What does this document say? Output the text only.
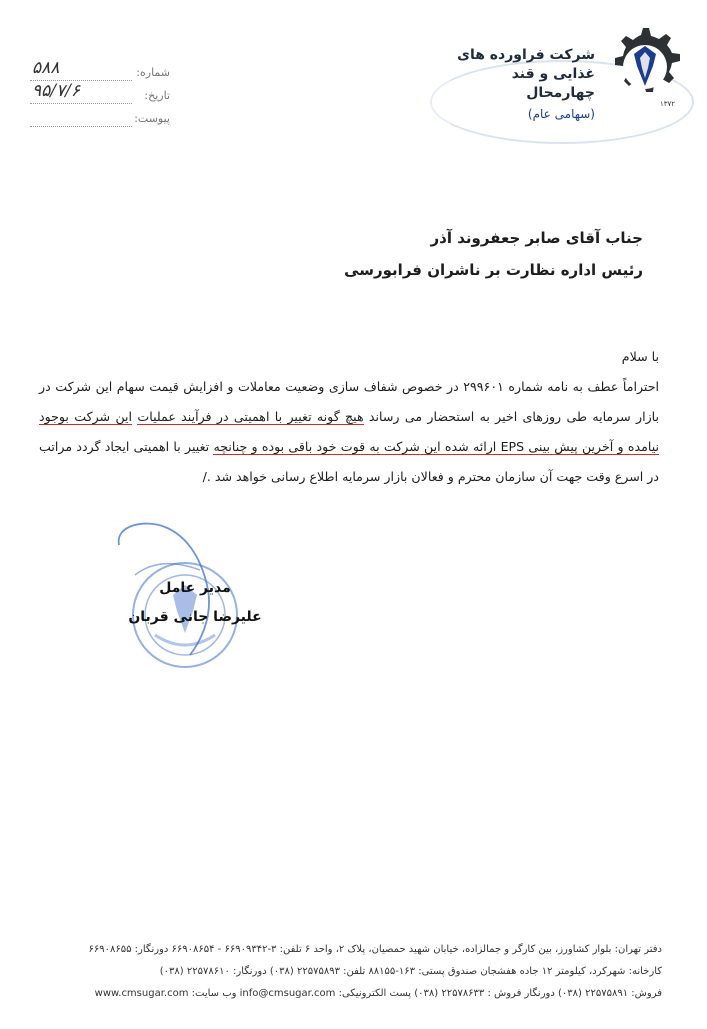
۱۳۷۲
شرکت فراورده های
غذایی و قند
چهارمحال
(سهامی عام)
۵۸۸	شماره:
۹۵/۷/۶	تاریخ:
پیوست:
جناب آقای صابر جعفروند آذر
رئیس اداره نظارت بر ناشران فرابورسی

با سلام

احتراماً عطف به نامه شماره ۲۹۹۶۰۱ در خصوص شفاف سازی وضعیت معاملات و افزایش قیمت سهام این شرکت در بازار سرمایه طی روزهای اخیر به استحضار می رساند هیچ گونه تغییر با اهمیتی در فرآیند عملیات این شرکت بوجود نیامده و آخرین پیش بینی EPS ارائه شده این شرکت به قوت خود باقی بوده و چنانچه تغییر با اهمیتی ایجاد گردد مراتب در اسرع وقت جهت آن سازمان محترم و فعالان بازار سرمایه اطلاع رسانی خواهد شد ./

مدیر عامل
علیرضا جانی قربان
دفتر تهران: بلوار کشاورز، بین کارگر و جمالزاده، خیابان شهید حمصیان، پلاک ۲، واحد ۶ تلفن: ۳-۶۶۹۰۹۳۴۲ - ۶۶۹۰۸۶۵۴ دورنگار: ۶۶۹۰۸۶۵۵
کارخانه: شهرکرد، کیلومتر ۱۲ جاده هفشجان صندوق پستی: ۱۶۳-۸۸۱۵۵ تلفن: ۲۲۵۷۵۸۹۳ (۰۳۸) دورنگار: ۲۲۵۷۸۶۱۰ (۰۳۸)
فروش: ۲۲۵۷۵۸۹۱ (۰۳۸) دورنگار فروش : ۲۲۵۷۸۶۳۳ (۰۳۸) پست الکترونیکی: info@cmsugar.com وب سایت: www.cmsugar.com
